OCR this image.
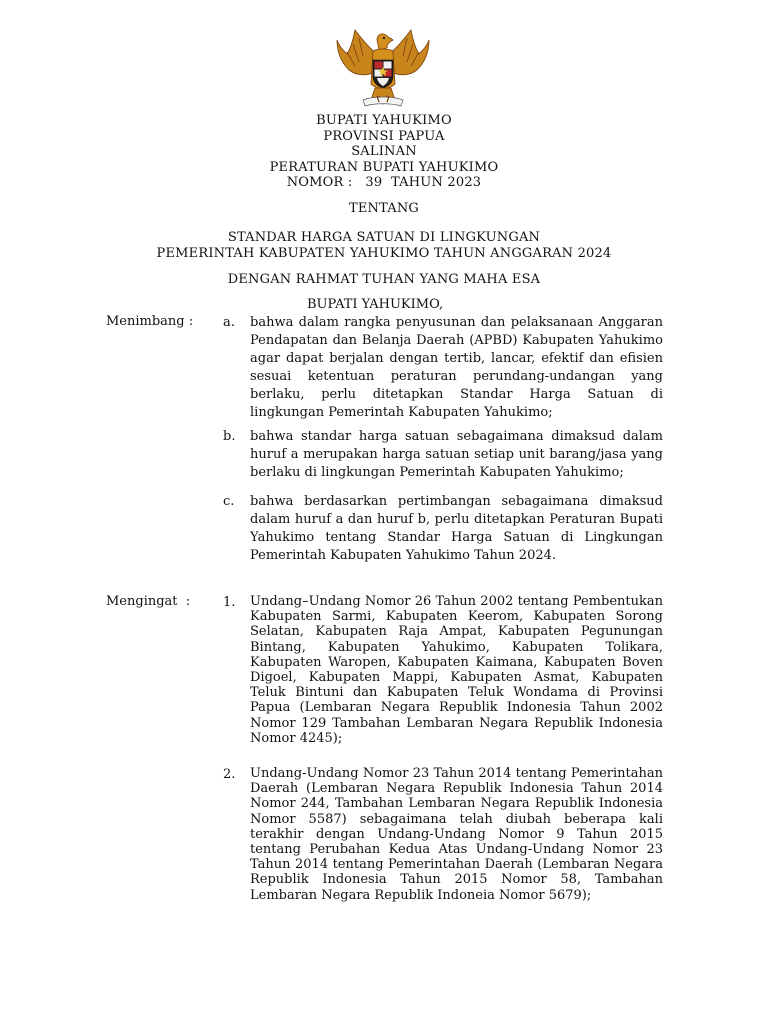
BUPATI YAHUKIMO
PROVINSI PAPUA
SALINAN
PERATURAN BUPATI YAHUKIMO
NOMOR :   39  TAHUN 2023
TENTANG
STANDAR HARGA SATUAN DI LINGKUNGAN
PEMERINTAH KABUPATEN YAHUKIMO TAHUN ANGGARAN 2024
DENGAN RAHMAT TUHAN YANG MAHA ESA
BUPATI YAHUKIMO,
Menimbang : a. bahwa dalam rangka penyusunan dan pelaksanaan Anggaran Pendapatan dan Belanja Daerah (APBD) Kabupaten Yahukimo agar dapat berjalan dengan tertib, lancar, efektif dan efisien sesuai ketentuan peraturan perundang-undangan yang berlaku, perlu ditetapkan Standar Harga Satuan di lingkungan Pemerintah Kabupaten Yahukimo;
b. bahwa standar harga satuan sebagaimana dimaksud dalam huruf a merupakan harga satuan setiap unit barang/jasa yang berlaku di lingkungan Pemerintah Kabupaten Yahukimo;
c. bahwa berdasarkan pertimbangan sebagaimana dimaksud dalam huruf a dan huruf b, perlu ditetapkan Peraturan Bupati Yahukimo tentang Standar Harga Satuan di Lingkungan Pemerintah Kabupaten Yahukimo Tahun 2024.
Mengingat  :	1. Undang–Undang Nomor 26 Tahun 2002 tentang Pembentukan Kabupaten Sarmi, Kabupaten Keerom, Kabupaten Sorong Selatan, Kabupaten Raja Ampat, Kabupaten Pegunungan Bintang, Kabupaten Yahukimo, Kabupaten Tolikara, Kabupaten Waropen, Kabupaten Kaimana, Kabupaten Boven Digoel, Kabupaten Mappi, Kabupaten Asmat, Kabupaten Teluk Bintuni dan Kabupaten Teluk Wondama di Provinsi Papua (Lembaran Negara Republik Indonesia Tahun 2002 Nomor 129 Tambahan Lembaran Negara Republik Indonesia Nomor 4245);
2. Undang-Undang Nomor 23 Tahun 2014 tentang Pemerintahan Daerah (Lembaran Negara Republik Indonesia Tahun 2014 Nomor 244, Tambahan Lembaran Negara Republik Indonesia Nomor 5587) sebagaimana telah diubah beberapa kali terakhir dengan Undang-Undang Nomor 9 Tahun 2015 tentang Perubahan Kedua Atas Undang-Undang Nomor 23 Tahun 2014 tentang Pemerintahan Daerah (Lembaran Negara Republik Indonesia Tahun 2015 Nomor 58, Tambahan Lembaran Negara Republik Indoneia Nomor 5679);
